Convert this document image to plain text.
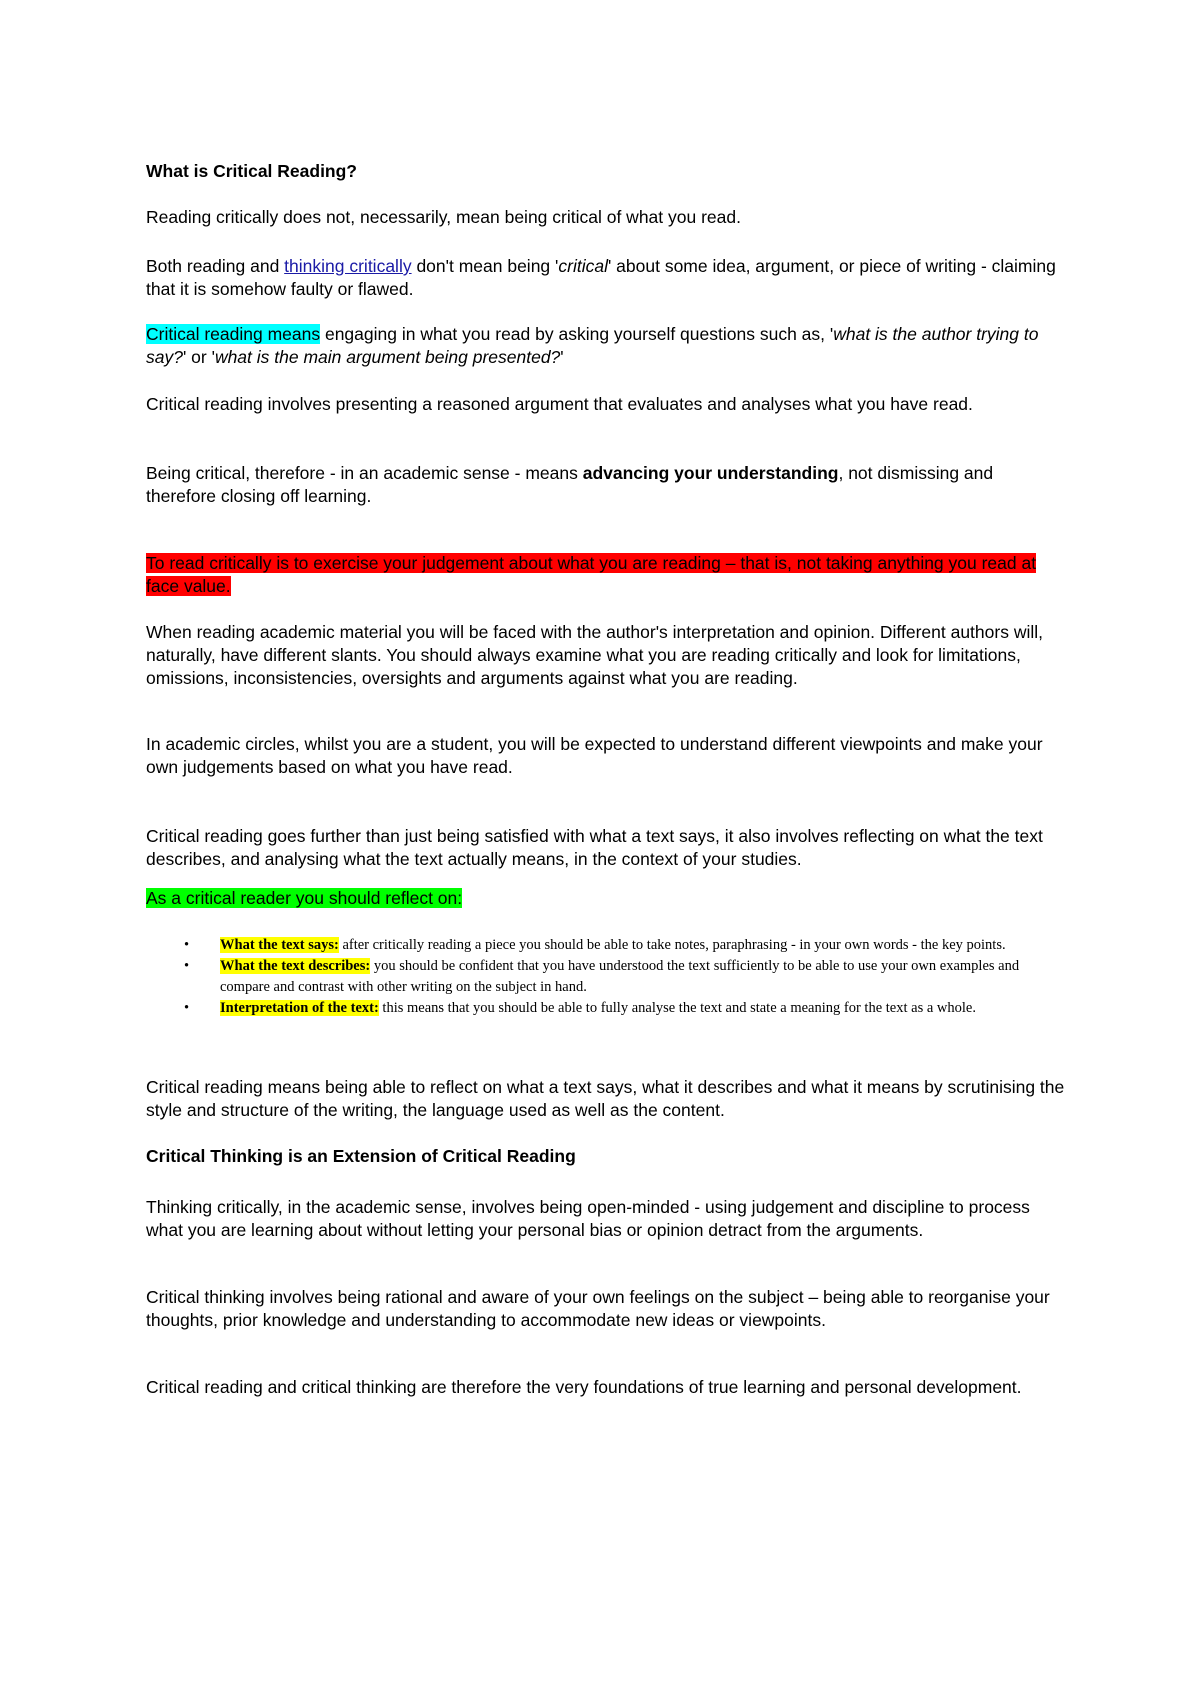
What is Critical Reading?

Reading critically does not, necessarily, mean being critical of what you read.

Both reading and thinking critically don't mean being 'critical' about some idea, argument, or piece of writing - claiming that it is somehow faulty or flawed.

Critical reading means engaging in what you read by asking yourself questions such as, 'what is the author trying to say?' or 'what is the main argument being presented?'

Critical reading involves presenting a reasoned argument that evaluates and analyses what you have read.

Being critical, therefore - in an academic sense - means advancing your understanding, not dismissing and therefore closing off learning.

To read critically is to exercise your judgement about what you are reading – that is, not taking anything you read at face value.

When reading academic material you will be faced with the author's interpretation and opinion. Different authors will, naturally, have different slants. You should always examine what you are reading critically and look for limitations, omissions, inconsistencies, oversights and arguments against what you are reading.

In academic circles, whilst you are a student, you will be expected to understand different viewpoints and make your own judgements based on what you have read.

Critical reading goes further than just being satisfied with what a text says, it also involves reflecting on what the text describes, and analysing what the text actually means, in the context of your studies.

As a critical reader you should reflect on:

• What the text says: after critically reading a piece you should be able to take notes, paraphrasing - in your own words - the key points.
• What the text describes: you should be confident that you have understood the text sufficiently to be able to use your own examples and compare and contrast with other writing on the subject in hand.
• Interpretation of the text: this means that you should be able to fully analyse the text and state a meaning for the text as a whole.

Critical reading means being able to reflect on what a text says, what it describes and what it means by scrutinising the style and structure of the writing, the language used as well as the content.

Critical Thinking is an Extension of Critical Reading

Thinking critically, in the academic sense, involves being open-minded - using judgement and discipline to process what you are learning about without letting your personal bias or opinion detract from the arguments.

Critical thinking involves being rational and aware of your own feelings on the subject – being able to reorganise your thoughts, prior knowledge and understanding to accommodate new ideas or viewpoints.

Critical reading and critical thinking are therefore the very foundations of true learning and personal development.
